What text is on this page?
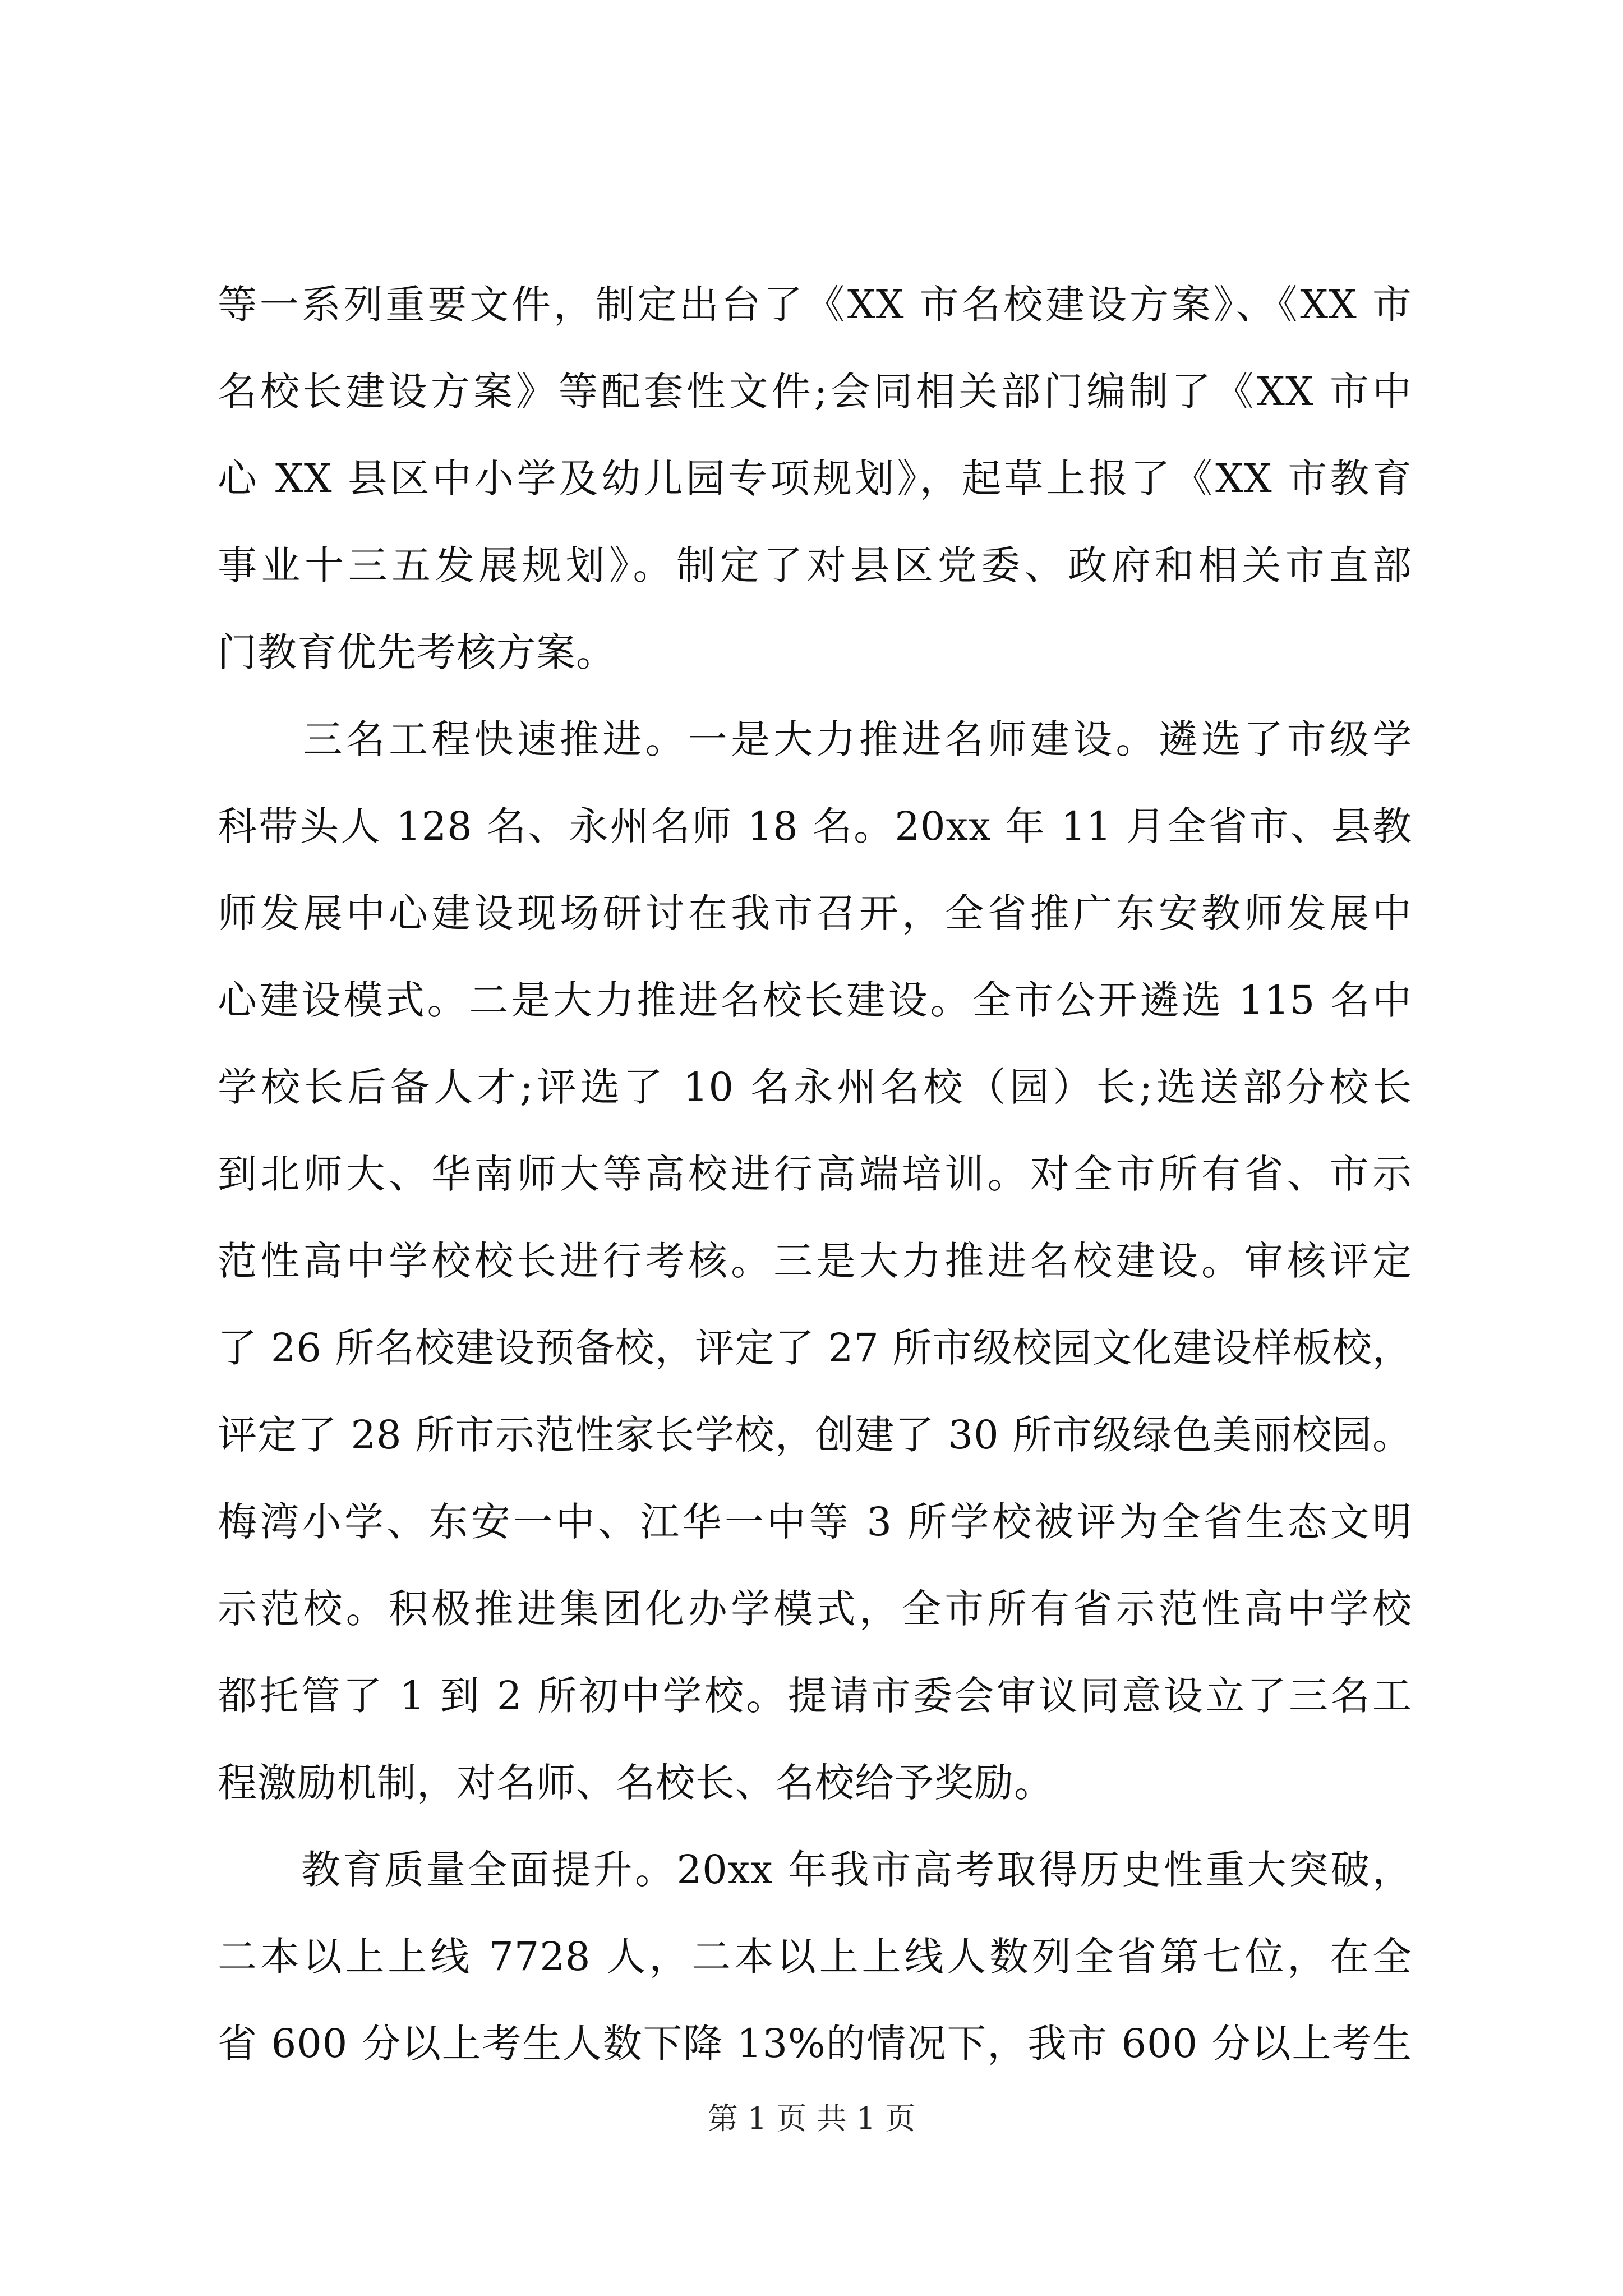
等一系列重要文件，制定出台了《XX 市名校建设方案》、《XX 市
名校长建设方案》等配套性文件;会同相关部门编制了《XX 市中
心 XX 县区中小学及幼儿园专项规划》，起草上报了《XX 市教育
事业十三五发展规划》。制定了对县区党委、政府和相关市直部
门教育优先考核方案。
　　三名工程快速推进。一是大力推进名师建设。遴选了市级学
科带头人 128 名、永州名师 18 名。20xx 年 11 月全省市、县教
师发展中心建设现场研讨在我市召开，全省推广东安教师发展中
心建设模式。二是大力推进名校长建设。全市公开遴选 115 名中
学校长后备人才;评选了 10 名永州名校（园）长;选送部分校长
到北师大、华南师大等高校进行高端培训。对全市所有省、市示
范性高中学校校长进行考核。三是大力推进名校建设。审核评定
了 26 所名校建设预备校，评定了 27 所市级校园文化建设样板校，
评定了 28 所市示范性家长学校，创建了 30 所市级绿色美丽校园。
梅湾小学、东安一中、江华一中等 3 所学校被评为全省生态文明
示范校。积极推进集团化办学模式，全市所有省示范性高中学校
都托管了 1 到 2 所初中学校。提请市委会审议同意设立了三名工
程激励机制，对名师、名校长、名校给予奖励。
　　教育质量全面提升。20xx 年我市高考取得历史性重大突破，
二本以上上线 7728 人，二本以上上线人数列全省第七位，在全
省 600 分以上考生人数下降 13%的情况下，我市 600 分以上考生
第 1 页 共 1 页
